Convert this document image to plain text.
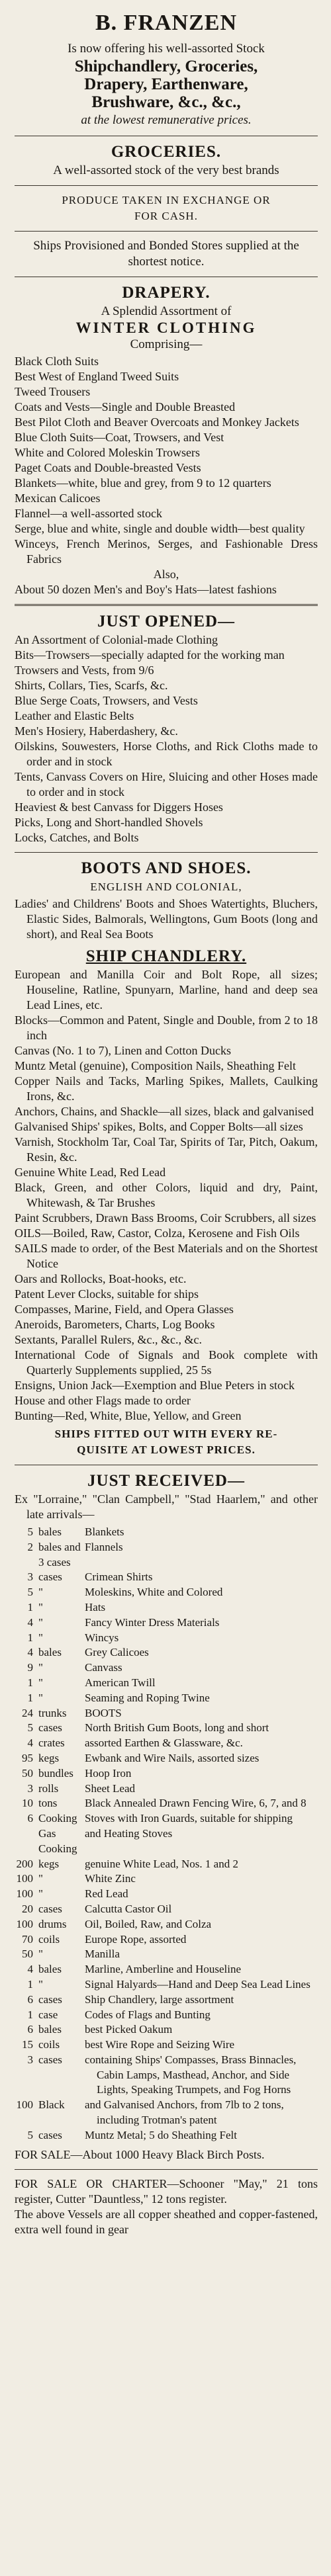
B. FRANZEN
Is now offering his well-assorted Stock
Shipchandlery, Groceries,
Drapery, Earthenware,
Brushware, &c., &c.,
at the lowest remunerative prices.
GROCERIES.
A well-assorted stock of the very best brands
PRODUCE TAKEN IN EXCHANGE OR
FOR CASH.
Ships Provisioned and Bonded Stores supplied at the shortest notice.
DRAPERY.
A Splendid Assortment of
WINTER CLOTHING
Comprising—
Black Cloth Suits
Best West of England Tweed Suits
Tweed Trousers
Coats and Vests—Single and Double Breasted
Best Pilot Cloth and Beaver Overcoats and Monkey Jackets
Blue Cloth Suits—Coat, Trowsers, and Vest
White and Colored Moleskin Trowsers
Paget Coats and Double-breasted Vests
Blankets—white, blue and grey, from 9 to 12 quarters
Mexican Calicoes
Flannel—a well-assorted stock
Serge, blue and white, single and double width—best quality
Winceys, French Merinos, Serges, and Fashionable Dress Fabrics
Also,
About 50 dozen Men's and Boy's Hats—latest fashions
JUST OPENED—
An Assortment of Colonial-made Clothing
Bits—Trowsers—specially adapted for the working man
Trowsers and Vests, from 9/6
Shirts, Collars, Ties, Scarfs, &c.
Blue Serge Coats, Trowsers, and Vests
Leather and Elastic Belts
Men's Hosiery, Haberdashery, &c.
Oilskins, Souwesters, Horse Cloths, and Rick Cloths made to order and in stock
Tents, Canvass Covers on Hire, Sluicing and other Hoses made to order and in stock
Heaviest & best Canvass for Diggers Hoses
Picks, Long and Short-handled Shovels
Locks, Catches, and Bolts
BOOTS AND SHOES.
ENGLISH AND COLONIAL,
Ladies' and Childrens' Boots and Shoes Watertights, Bluchers, Elastic Sides, Balmorals, Wellingtons, Gum Boots (long and short), and Real Sea Boots
SHIP CHANDLERY.
European and Manilla Coir and Bolt Rope, all sizes; Houseline, Ratline, Spunyarn, Marline, hand and deep sea Lead Lines, etc.
Blocks—Common and Patent, Single and Double, from 2 to 18 inch
Canvas (No. 1 to 7), Linen and Cotton Ducks
Muntz Metal (genuine), Composition Nails, Sheathing Felt
Copper Nails and Tacks, Marling Spikes, Mallets, Caulking Irons, &c.
Anchors, Chains, and Shackle—all sizes, black and galvanised
Galvanised Ships' spikes, Bolts, and Copper Bolts—all sizes
Varnish, Stockholm Tar, Coal Tar, Spirits of Tar, Pitch, Oakum, Resin, &c.
Genuine White Lead, Red Lead
Black, Green, and other Colors, liquid and dry, Paint, Whitewash, & Tar Brushes
Paint Scrubbers, Drawn Bass Brooms, Coir Scrubbers, all sizes
OILS—Boiled, Raw, Castor, Colza, Kerosene and Fish Oils
SAILS made to order, of the Best Materials and on the Shortest Notice
Oars and Rollocks, Boat-hooks, etc.
Patent Lever Clocks, suitable for ships
Compasses, Marine, Field, and Opera Glasses
Aneroids, Barometers, Charts, Log Books
Sextants, Parallel Rulers, &c., &c., &c.
International Code of Signals and Book complete with Quarterly Supplements supplied, 25 5s
Ensigns, Union Jack—Exemption and Blue Peters in stock
House and other Flags made to order
Bunting—Red, White, Blue, Yellow, and Green
SHIPS FITTED OUT WITH EVERY RE-
QUISITE AT LOWEST PRICES.
JUST RECEIVED—
Ex "Lorraine," "Clan Campbell," "Stad Haarlem," and other late arrivals—
5	bales	Blankets
2	bales and 3 cases	Flannels
3	cases	Crimean Shirts
5	"	Moleskins, White and Colored
1	"	Hats
4	"	Fancy Winter Dress Materials
1	"	Wincys
4	bales	Grey Calicoes
9	"	Canvass
1	"	American Twill
1	"	Seaming and Roping Twine
24	trunks	BOOTS
5	cases	North British Gum Boots, long and short
4	crates	assorted Earthen & Glassware, &c.
95	kegs	Ewbank and Wire Nails, assorted sizes
50	bundles	Hoop Iron
3	rolls	Sheet Lead
10	tons	Black Annealed Drawn Fencing Wire, 6, 7, and 8
6	Cooking	Stoves with Iron Guards, suitable for shipping
	Gas Cooking	and Heating Stoves
200	kegs	genuine White Lead, Nos. 1 and 2
100	"	White Zinc
100	"	Red Lead
20	cases	Calcutta Castor Oil
100	drums	Oil, Boiled, Raw, and Colza
70	coils	Europe Rope, assorted
50	"	Manilla
4	bales	Marline, Amberline and Houseline
1	"	Signal Halyards—Hand and Deep Sea Lead Lines
6	cases	Ship Chandlery, large assortment
1	case	Codes of Flags and Bunting
6	bales	best Picked Oakum
15	coils	best Wire Rope and Seizing Wire
3	cases	containing Ships' Compasses, Brass Binnacles, Cabin Lamps, Masthead, Anchor, and Side Lights, Speaking Trumpets, and Fog Horns
100	Black	and Galvanised Anchors, from 7lb to 2 tons, including Trotman's patent
5	cases	Muntz Metal; 5 do Sheathing Felt
FOR SALE—About 1000 Heavy Black Birch Posts.
FOR SALE OR CHARTER—Schooner "May," 21 tons register, Cutter "Dauntless," 12 tons register.
The above Vessels are all copper sheathed and copper-fastened, extra well found in gear
